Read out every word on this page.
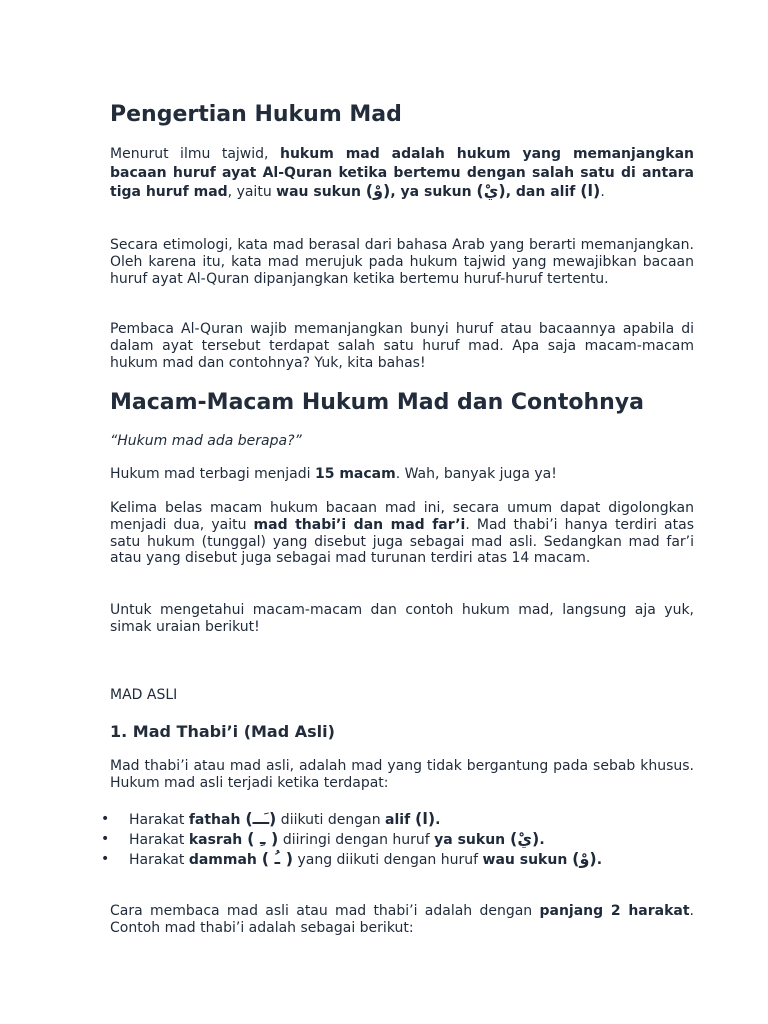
Pengertian Hukum Mad

Menurut ilmu tajwid, hukum mad adalah hukum yang memanjangkan bacaan huruf ayat Al-Quran ketika bertemu dengan salah satu di antara tiga huruf mad, yaitu wau sukun (وْ), ya sukun (يْ), dan alif (ا).

Secara etimologi, kata mad berasal dari bahasa Arab yang berarti memanjangkan. Oleh karena itu, kata mad merujuk pada hukum tajwid yang mewajibkan bacaan huruf ayat Al-Quran dipanjangkan ketika bertemu huruf-huruf tertentu.

Pembaca Al-Quran wajib memanjangkan bunyi huruf atau bacaannya apabila di dalam ayat tersebut terdapat salah satu huruf mad. Apa saja macam-macam hukum mad dan contohnya? Yuk, kita bahas!

Macam-Macam Hukum Mad dan Contohnya

“Hukum mad ada berapa?”

Hukum mad terbagi menjadi 15 macam. Wah, banyak juga ya!

Kelima belas macam hukum bacaan mad ini, secara umum dapat digolongkan menjadi dua, yaitu mad thabi’i dan mad far’i. Mad thabi’i hanya terdiri atas satu hukum (tunggal) yang disebut juga sebagai mad asli. Sedangkan mad far’i atau yang disebut juga sebagai mad turunan terdiri atas 14 macam.

Untuk mengetahui macam-macam dan contoh hukum mad, langsung aja yuk, simak uraian berikut!

MAD ASLI

1. Mad Thabi’i (Mad Asli)

Mad thabi’i atau mad asli, adalah mad yang tidak bergantung pada sebab khusus. Hukum mad asli terjadi ketika terdapat:

• Harakat fathah (ـَــ) diikuti dengan alif (ا).
• Harakat kasrah ( ـِ ) diiringi dengan huruf ya sukun (يْ).
• Harakat dammah ( ـُ ) yang diikuti dengan huruf wau sukun (وْ).

Cara membaca mad asli atau mad thabi’i adalah dengan panjang 2 harakat. Contoh mad thabi’i adalah sebagai berikut:
